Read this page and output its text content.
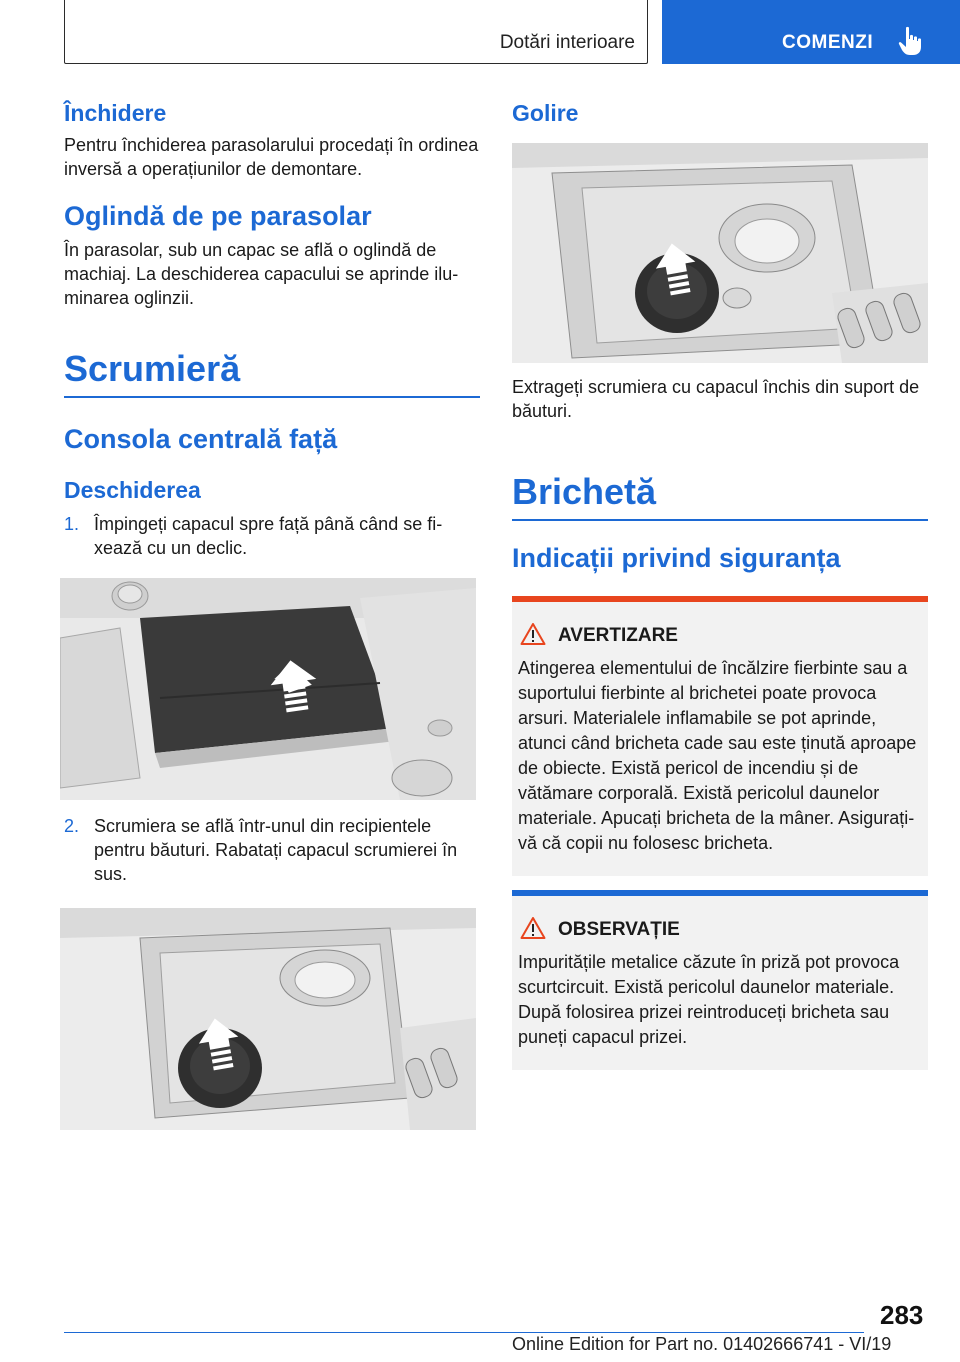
Dotări interioare	COMENZI
Închidere

Pentru închiderea parasolarului procedați în ordinea inversă a operațiunilor de demontare.

Oglindă de pe parasolar

În parasolar, sub un capac se află o oglindă de machiaj. La deschiderea capacului se aprinde iluminarea oglinzii.

Scrumieră
Consola centrală față
Deschiderea
1. Împingeți capacul spre față până când se fixează cu un declic.
2. Scrumiera se află într-unul din recipientele pentru băuturi. Rabatați capacul scrumierei în sus.
Golire

Extrageți scrumiera cu capacul închis din suport de băuturi.

Brichetă
Indicații privind siguranța
AVERTIZARE
Atingerea elementului de încălzire fierbinte sau a suportului fierbinte al brichetei poate provoca arsuri. Materialele inflamabile se pot aprinde, atunci când bricheta cade sau este ținută aproape de obiecte. Există pericol de incendiu și de vătămare corporală. Există pericolul daunelor materiale. Apucați bricheta de la mâner. Asigurați-vă că copii nu folosesc bricheta.
OBSERVAȚIE
Impuritățile metalice căzute în priză pot provoca scurtcircuit. Există pericolul daunelor materiale. După folosirea prizei reintroduceți bricheta sau puneți capacul prizei.
283
Online Edition for Part no. 01402666741 - VI/19
